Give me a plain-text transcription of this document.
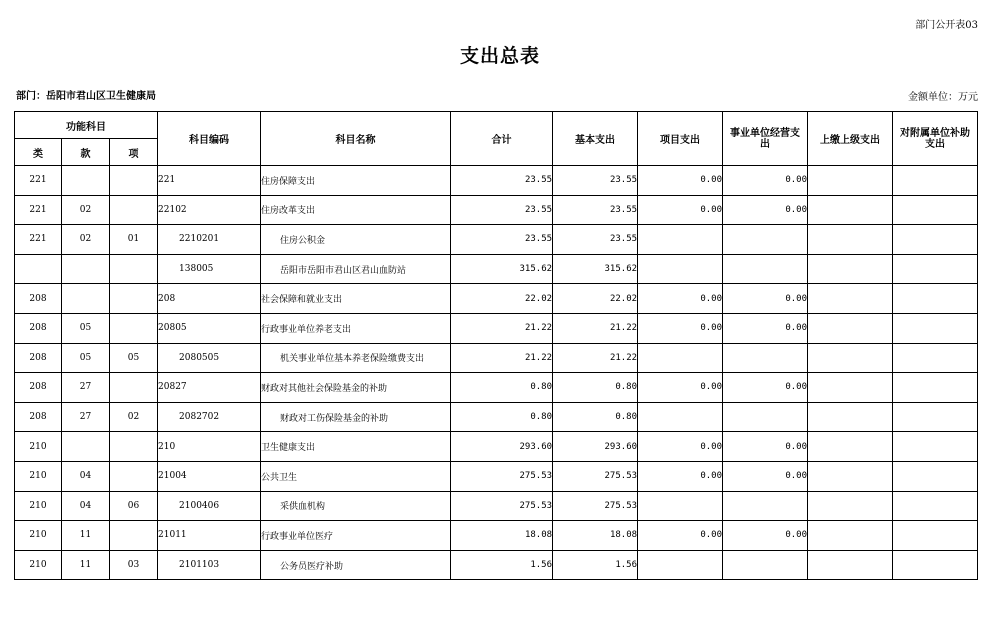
部门公开表03
支出总表
部门：岳阳市君山区卫生健康局	金额单位：万元
功能科目			科目编码	科目名称	合计	基本支出	项目支出	事业单位经营支出	上缴上级支出	对附属单位补助支出
类	款	项								
221			221	住房保障支出	23.55	23.55	0.00	0.00		
221	02		22102	住房改革支出	23.55	23.55	0.00	0.00		
221	02	01	2210201	住房公积金	23.55	23.55				
			138005	岳阳市岳阳市君山区君山血防站	315.62	315.62				
208			208	社会保障和就业支出	22.02	22.02	0.00	0.00		
208	05		20805	行政事业单位养老支出	21.22	21.22	0.00	0.00		
208	05	05	2080505	机关事业单位基本养老保险缴费支出	21.22	21.22				
208	27		20827	财政对其他社会保险基金的补助	0.80	0.80	0.00	0.00		
208	27	02	2082702	财政对工伤保险基金的补助	0.80	0.80				
210			210	卫生健康支出	293.60	293.60	0.00	0.00		
210	04		21004	公共卫生	275.53	275.53	0.00	0.00		
210	04	06	2100406	采供血机构	275.53	275.53				
210	11		21011	行政事业单位医疗	18.08	18.08	0.00	0.00		
210	11	03	2101103	公务员医疗补助	1.56	1.56				
